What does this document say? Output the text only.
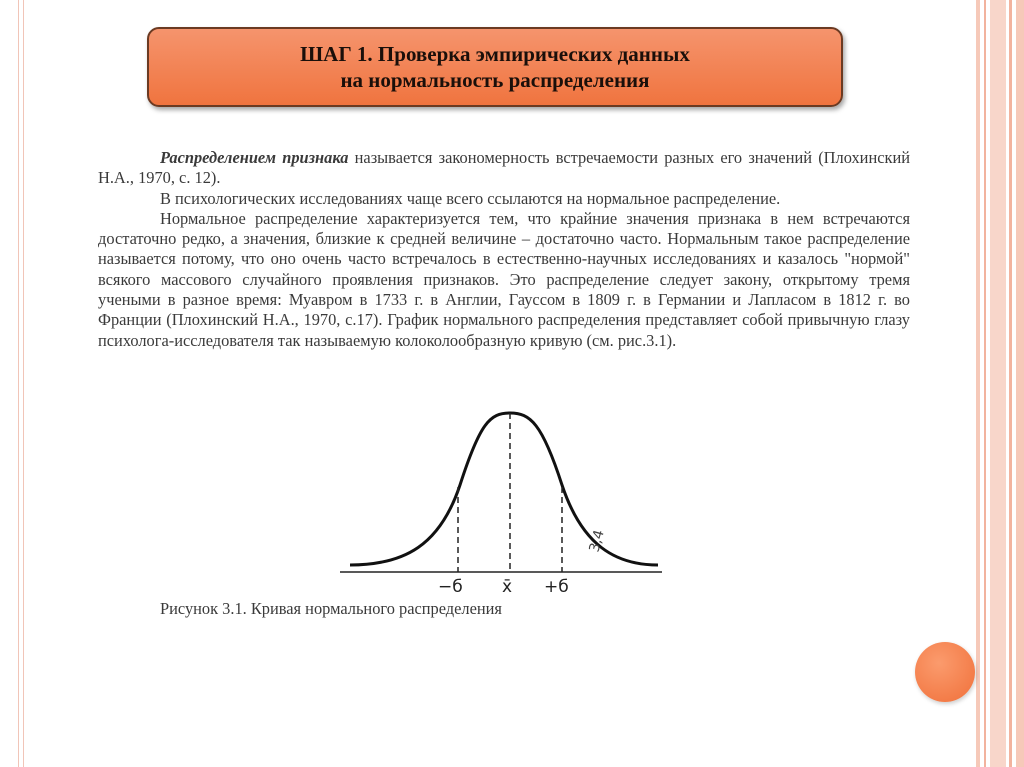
ШАГ 1. Проверка эмпирических данных
на нормальность распределения

Распределением признака называется закономерность встречаемости разных его значений (Плохинский Н.А., 1970, с. 12).

В психологических исследованиях чаще всего ссылаются на нормальное распределение.

Нормальное распределение характеризуется тем, что крайние значения признака в нем встречаются достаточно редко, а значения, близкие к средней величине – достаточно часто. Нормальным такое распределение называется потому, что оно очень часто встречалось в естественно-научных исследованиях и казалось "нормой" всякого массового случайного проявления признаков. Это распределение следует закону, открытому тремя учеными в разное время: Муавром в 1733 г. в Англии, Гауссом в 1809 г. в Германии и Лапласом в 1812 г. во Франции (Плохинский Н.А., 1970, с.17). График нормального распределения представляет собой привычную глазу психолога-исследователя так называемую колоколообразную кривую (см. рис.3.1).

−б x̄ +б
3,4
Рисунок 3.1. Кривая нормального распределения
